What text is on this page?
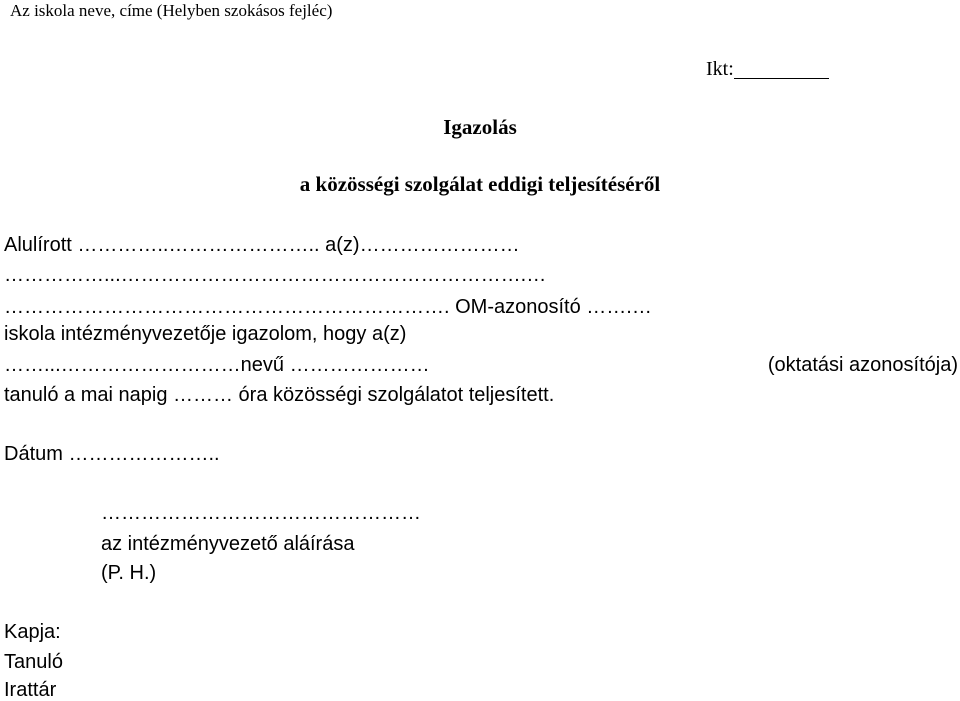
Az iskola neve, címe (Helyben szokásos fejléc)
Ikt:
Igazolás
a közösségi szolgálat eddigi teljesítéséről
Alulírott …………..………………….. a(z)……………………
……………...…………………………………………………….…
…………………………………………………………. OM-azonosító …….…
iskola intézményvezetője igazolom, hogy a(z)
……...………………………nevű …………………	(oktatási azonosítója)
tanuló a mai napig ……… óra közösségi szolgálatot teljesített.
Dátum …………………..
…………………………………………
az intézményvezető aláírása
(P. H.)
Kapja:
Tanuló
Irattár
